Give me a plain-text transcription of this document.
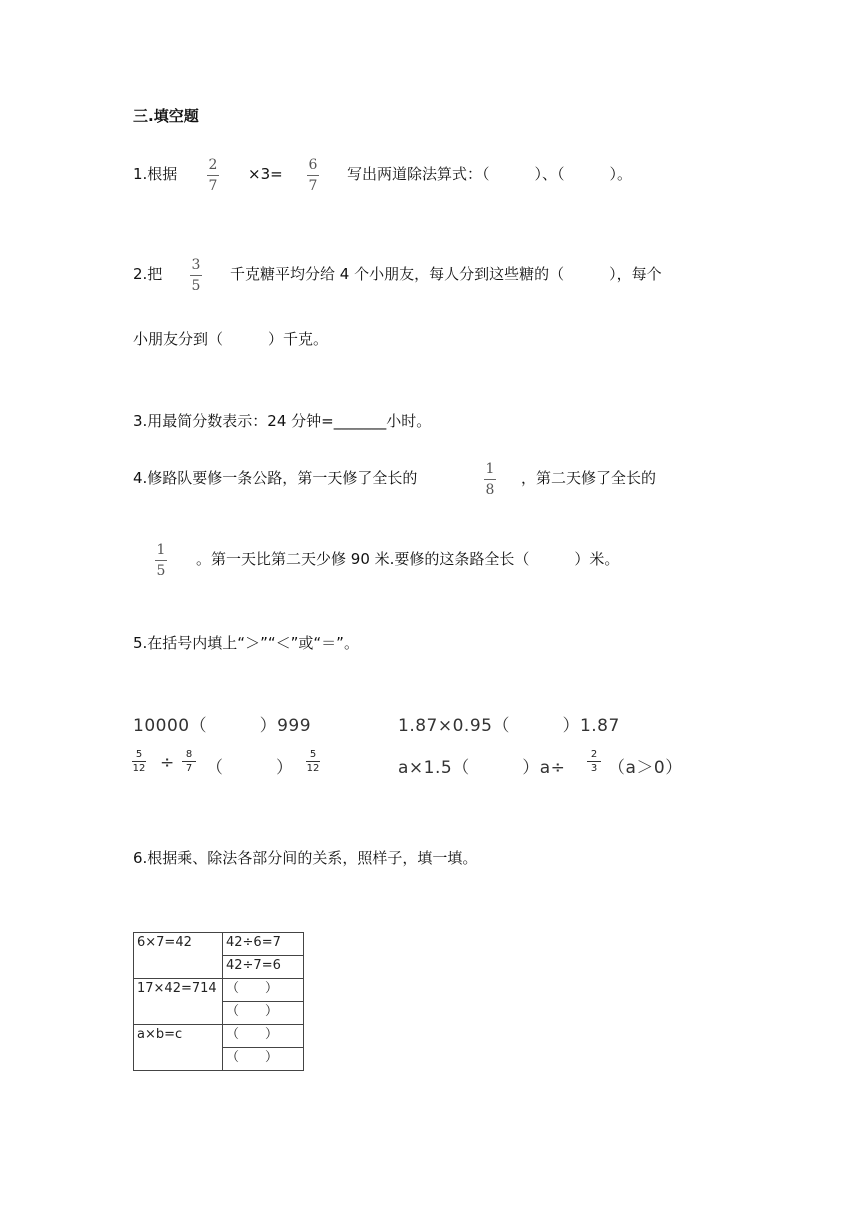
三.填空题
1.根据 2
7
×3= 6
7
写出两道除法算式：（　　　）、（　　　）。
2.把 3
5
千克糖平均分给 4 个小朋友，每人分到这些糖的（　　　），每个
小朋友分到（　　　）千克。
3.用最简分数表示：24 分钟=_______小时。
4.修路队要修一条公路，第一天修了全长的	1
8
，第二天修了全长的
1
5
。第一天比第二天少修 90 米.要修的这条路全长（　　　）米。
5.在括号内填上“＞”“＜”或“＝”。
10000（　　　）999	1.87×0.95（　　　）1.87
5
12 ÷ 8
7 （　　　）
5
12	a×1.5（　　　）a÷
2
3 （a＞0）
6.根据乘、除法各部分间的关系，照样子，填一填。
6×7=42	42÷6=7
	42÷7=6
17×42=714	（　　）
	（　　）
a×b=c	（　　）
	（　　）
